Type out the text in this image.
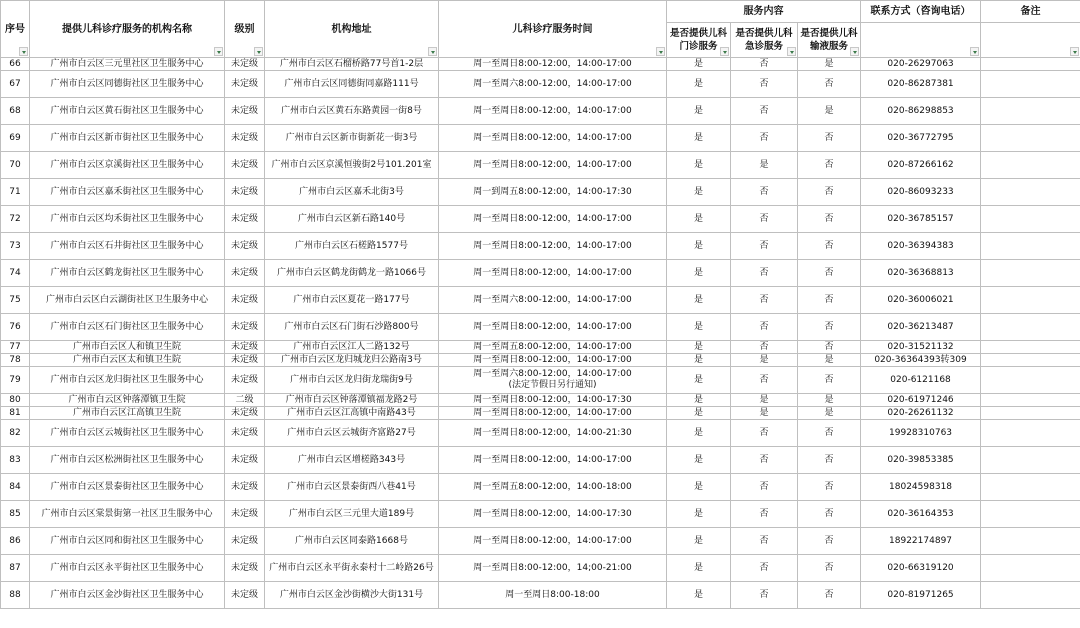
序号	提供儿科诊疗服务的机构名称	级别	机构地址	儿科诊疗服务时间	服务内容			联系方式（咨询电话）	备注
					是否提供儿科门诊服务	是否提供儿科急诊服务	是否提供儿科输液服务

66	广州市白云区三元里社区卫生服务中心	未定级	广州市白云区石榴桥路77号首1-2层	周一至周日8:00-12:00，14:00-17:00	是	否	是	020-26297063	
67	广州市白云区同德街社区卫生服务中心	未定级	广州市白云区同德街同嘉路111号	周一至周六8:00-12:00，14:00-17:00	是	否	否	020-86287381	
68	广州市白云区黄石街社区卫生服务中心	未定级	广州市白云区黄石东路黄园一街8号	周一至周日8:00-12:00，14:00-17:00	是	否	是	020-86298853	
69	广州市白云区新市街社区卫生服务中心	未定级	广州市白云区新市街新花一街3号	周一至周日8:00-12:00，14:00-17:00	是	否	否	020-36772795	
70	广州市白云区京溪街社区卫生服务中心	未定级	广州市白云区京溪恒骏街2号101.201室	周一至周日8:00-12:00，14:00-17:00	是	是	否	020-87266162	
71	广州市白云区嘉禾街社区卫生服务中心	未定级	广州市白云区嘉禾北街3号	周一到周五8:00-12:00，14:00-17:30	是	否	否	020-86093233	
72	广州市白云区均禾街社区卫生服务中心	未定级	广州市白云区新石路140号	周一至周日8:00-12:00，14:00-17:00	是	否	否	020-36785157	
73	广州市白云区石井街社区卫生服务中心	未定级	广州市白云区石槎路1577号	周一至周日8:00-12:00，14:00-17:00	是	否	否	020-36394383	
74	广州市白云区鹤龙街社区卫生服务中心	未定级	广州市白云区鹤龙街鹤龙一路1066号	周一至周日8:00-12:00，14:00-17:00	是	否	否	020-36368813	
75	广州市白云区白云湖街社区卫生服务中心	未定级	广州市白云区夏花一路177号	周一至周六8:00-12:00，14:00-17:00	是	否	否	020-36006021	
76	广州市白云区石门街社区卫生服务中心	未定级	广州市白云区石门街石沙路800号	周一至周日8:00-12:00，14:00-17:00	是	否	否	020-36213487	
77	广州市白云区人和镇卫生院	未定级	广州市白云区江人二路132号	周一至周五8:00-12:00，14:00-17:00	是	否	否	020-31521132	
78	广州市白云区太和镇卫生院	未定级	广州市白云区龙归城龙归公路南3号	周一至周日8:00-12:00，14:00-17:00	是	是	是	020-36364393转309	
79	广州市白云区龙归街社区卫生服务中心	未定级	广州市白云区龙归街龙瑞街9号	周一至周六8:00-12:00，14:00-17:00
(法定节假日另行通知)	是	否	否	020-6121168	
80	广州市白云区钟落潭镇卫生院	二级	广州市白云区钟落潭镇福龙路2号	周一至周日8:00-12:00，14:00-17:30	是	是	是	020-61971246	
81	广州市白云区江高镇卫生院	未定级	广州市白云区江高镇中南路43号	周一至周日8:00-12:00，14:00-17:00	是	是	是	020-26261132	
82	广州市白云区云城街社区卫生服务中心	未定级	广州市白云区云城街齐富路27号	周一至周日8:00-12:00，14:00-21:30	是	否	否	19928310763	
83	广州市白云区松洲街社区卫生服务中心	未定级	广州市白云区增槎路343号	周一至周日8:00-12:00，14:00-17:00	是	否	否	020-39853385	
84	广州市白云区景泰街社区卫生服务中心	未定级	广州市白云区景泰街西八巷41号	周一至周五8:00-12:00，14:00-18:00	是	否	否	18024598318	
85	广州市白云区棠景街第一社区卫生服务中心	未定级	广州市白云区三元里大道189号	周一至周日8:00-12:00，14:00-17:30	是	否	否	020-36164353	
86	广州市白云区同和街社区卫生服务中心	未定级	广州市白云区同泰路1668号	周一至周日8:00-12:00，14:00-17:00	是	否	否	18922174897	
87	广州市白云区永平街社区卫生服务中心	未定级	广州市白云区永平街永泰村十二岭路26号	周一至周日8:00-12:00，14;00-21:00	是	否	否	020-66319120	
88	广州市白云区金沙街社区卫生服务中心	未定级	广州市白云区金沙街横沙大街131号	周一至周日8:00-18:00	是	否	否	020-81971265	
